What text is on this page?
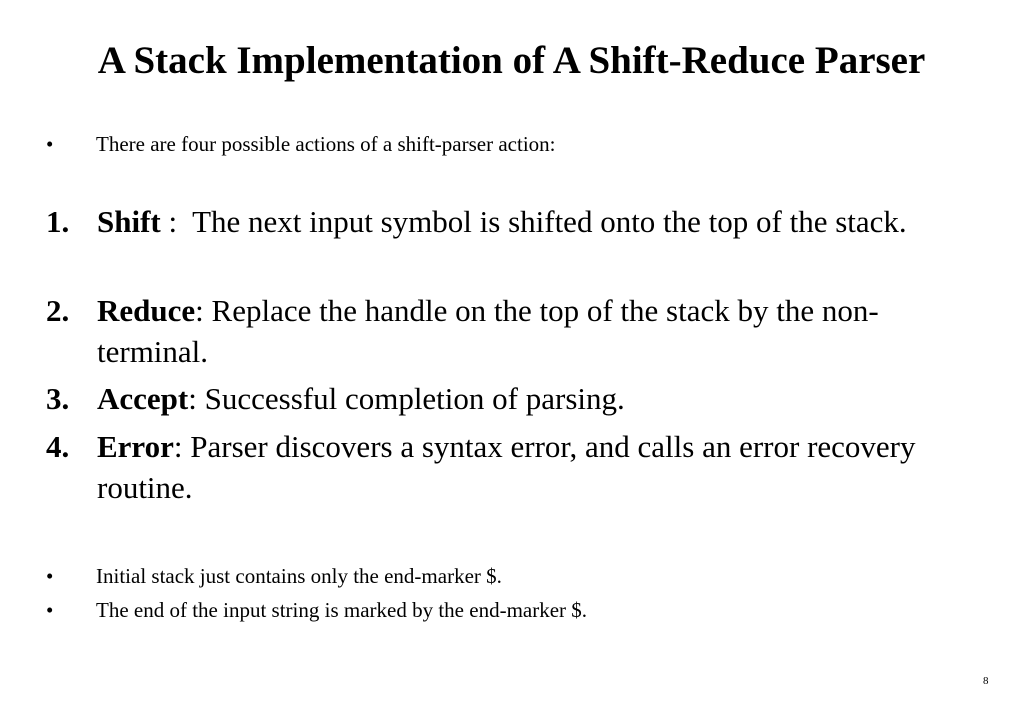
A Stack Implementation of A Shift-Reduce Parser
• There are four possible actions of a shift-parser action:
1. Shift :  The next input symbol is shifted onto the top of the stack.
2. Reduce: Replace the handle on the top of the stack by the non-terminal.
3. Accept: Successful completion of parsing.
4. Error: Parser discovers a syntax error, and calls an error recovery routine.
• Initial stack just contains only the end-marker $.
• The end of the input string is marked by the end-marker $.
8
